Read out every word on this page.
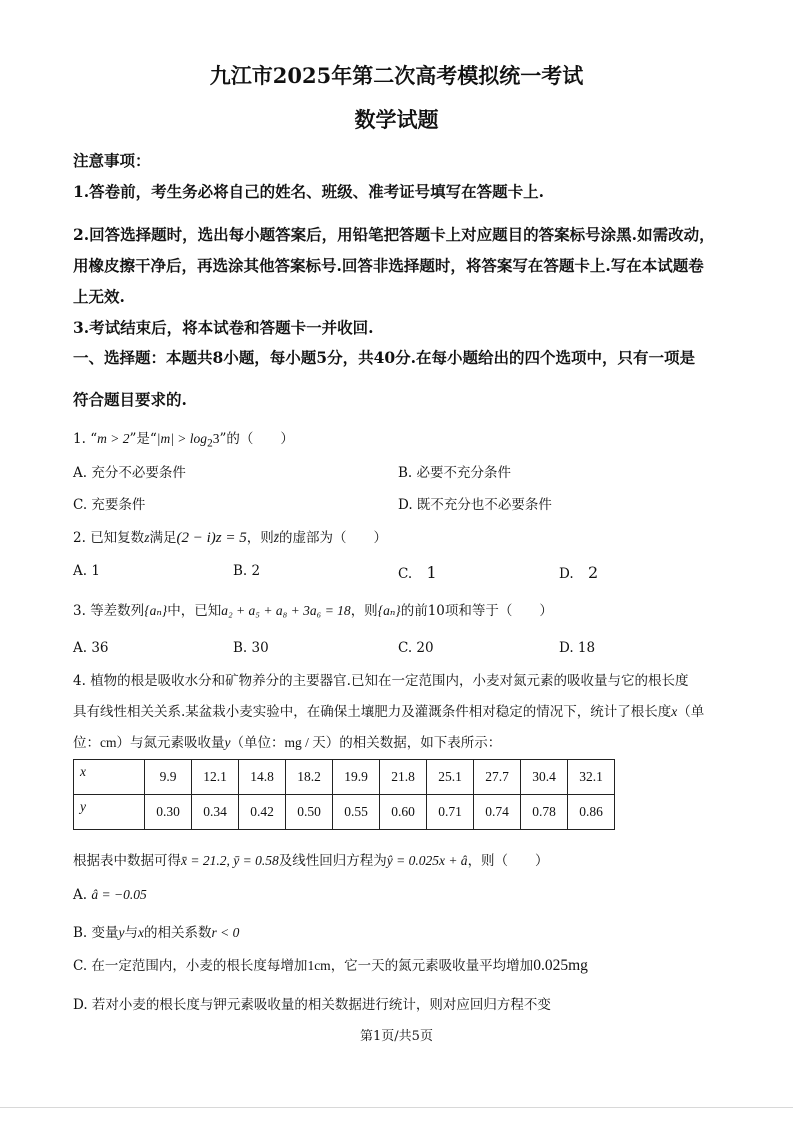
九江市2025年第二次高考模拟统一考试
数学试题
注意事项：
1.答卷前，考生务必将自己的姓名、班级、准考证号填写在答题卡上.
2.回答选择题时，选出每小题答案后，用铅笔把答题卡上对应题目的答案标号涂黑.如需改动，
用橡皮擦干净后，再选涂其他答案标号.回答非选择题时，将答案写在答题卡上.写在本试题卷
上无效.
3.考试结束后，将本试卷和答题卡一并收回.
一、选择题：本题共8小题，每小题5分，共40分.在每小题给出的四个选项中，只有一项是
符合题目要求的.
1. “m > 2”是“$|m| > \log_23$”的（　　）
A. 充分不必要条件	B. 必要不充分条件
C. 充要条件	D. 既不充分也不必要条件
2. 已知复数z满足(2 − i)z = 5，则z̄的虚部为（　　）
A. 1	B. 2	C. 1	D. 2
3. 等差数列{aₙ}中，已知a₂ + a₅ + a₈ + 3a₆ = 18，则{aₙ}的前10项和等于（　　）
A. 36	B. 30	C. 20	D. 18
4. 植物的根是吸收水分和矿物养分的主要器官.已知在一定范围内，小麦对氮元素的吸收量与它的根长度
具有线性相关关系.某盆栽小麦实验中，在确保土壤肥力及灌溉条件相对稳定的情况下，统计了根长度x（单
位：cm）与氮元素吸收量y（单位：mg / 天）的相关数据，如下表所示：
x	9.9	12.1	14.8	18.2	19.9	21.8	25.1	27.7	30.4	32.1
y	0.30	0.34	0.42	0.50	0.55	0.60	0.71	0.74	0.78	0.86
根据表中数据可得x̄ = 21.2, ȳ = 0.58及线性回归方程为ŷ = 0.025x + â，则（　　）
A. â = −0.05
B. 变量y与x的相关系数r < 0
C. 在一定范围内，小麦的根长度每增加1cm，它一天的氮元素吸收量平均增加0.025mg
D. 若对小麦的根长度与钾元素吸收量的相关数据进行统计，则对应回归方程不变
第1页/共5页
